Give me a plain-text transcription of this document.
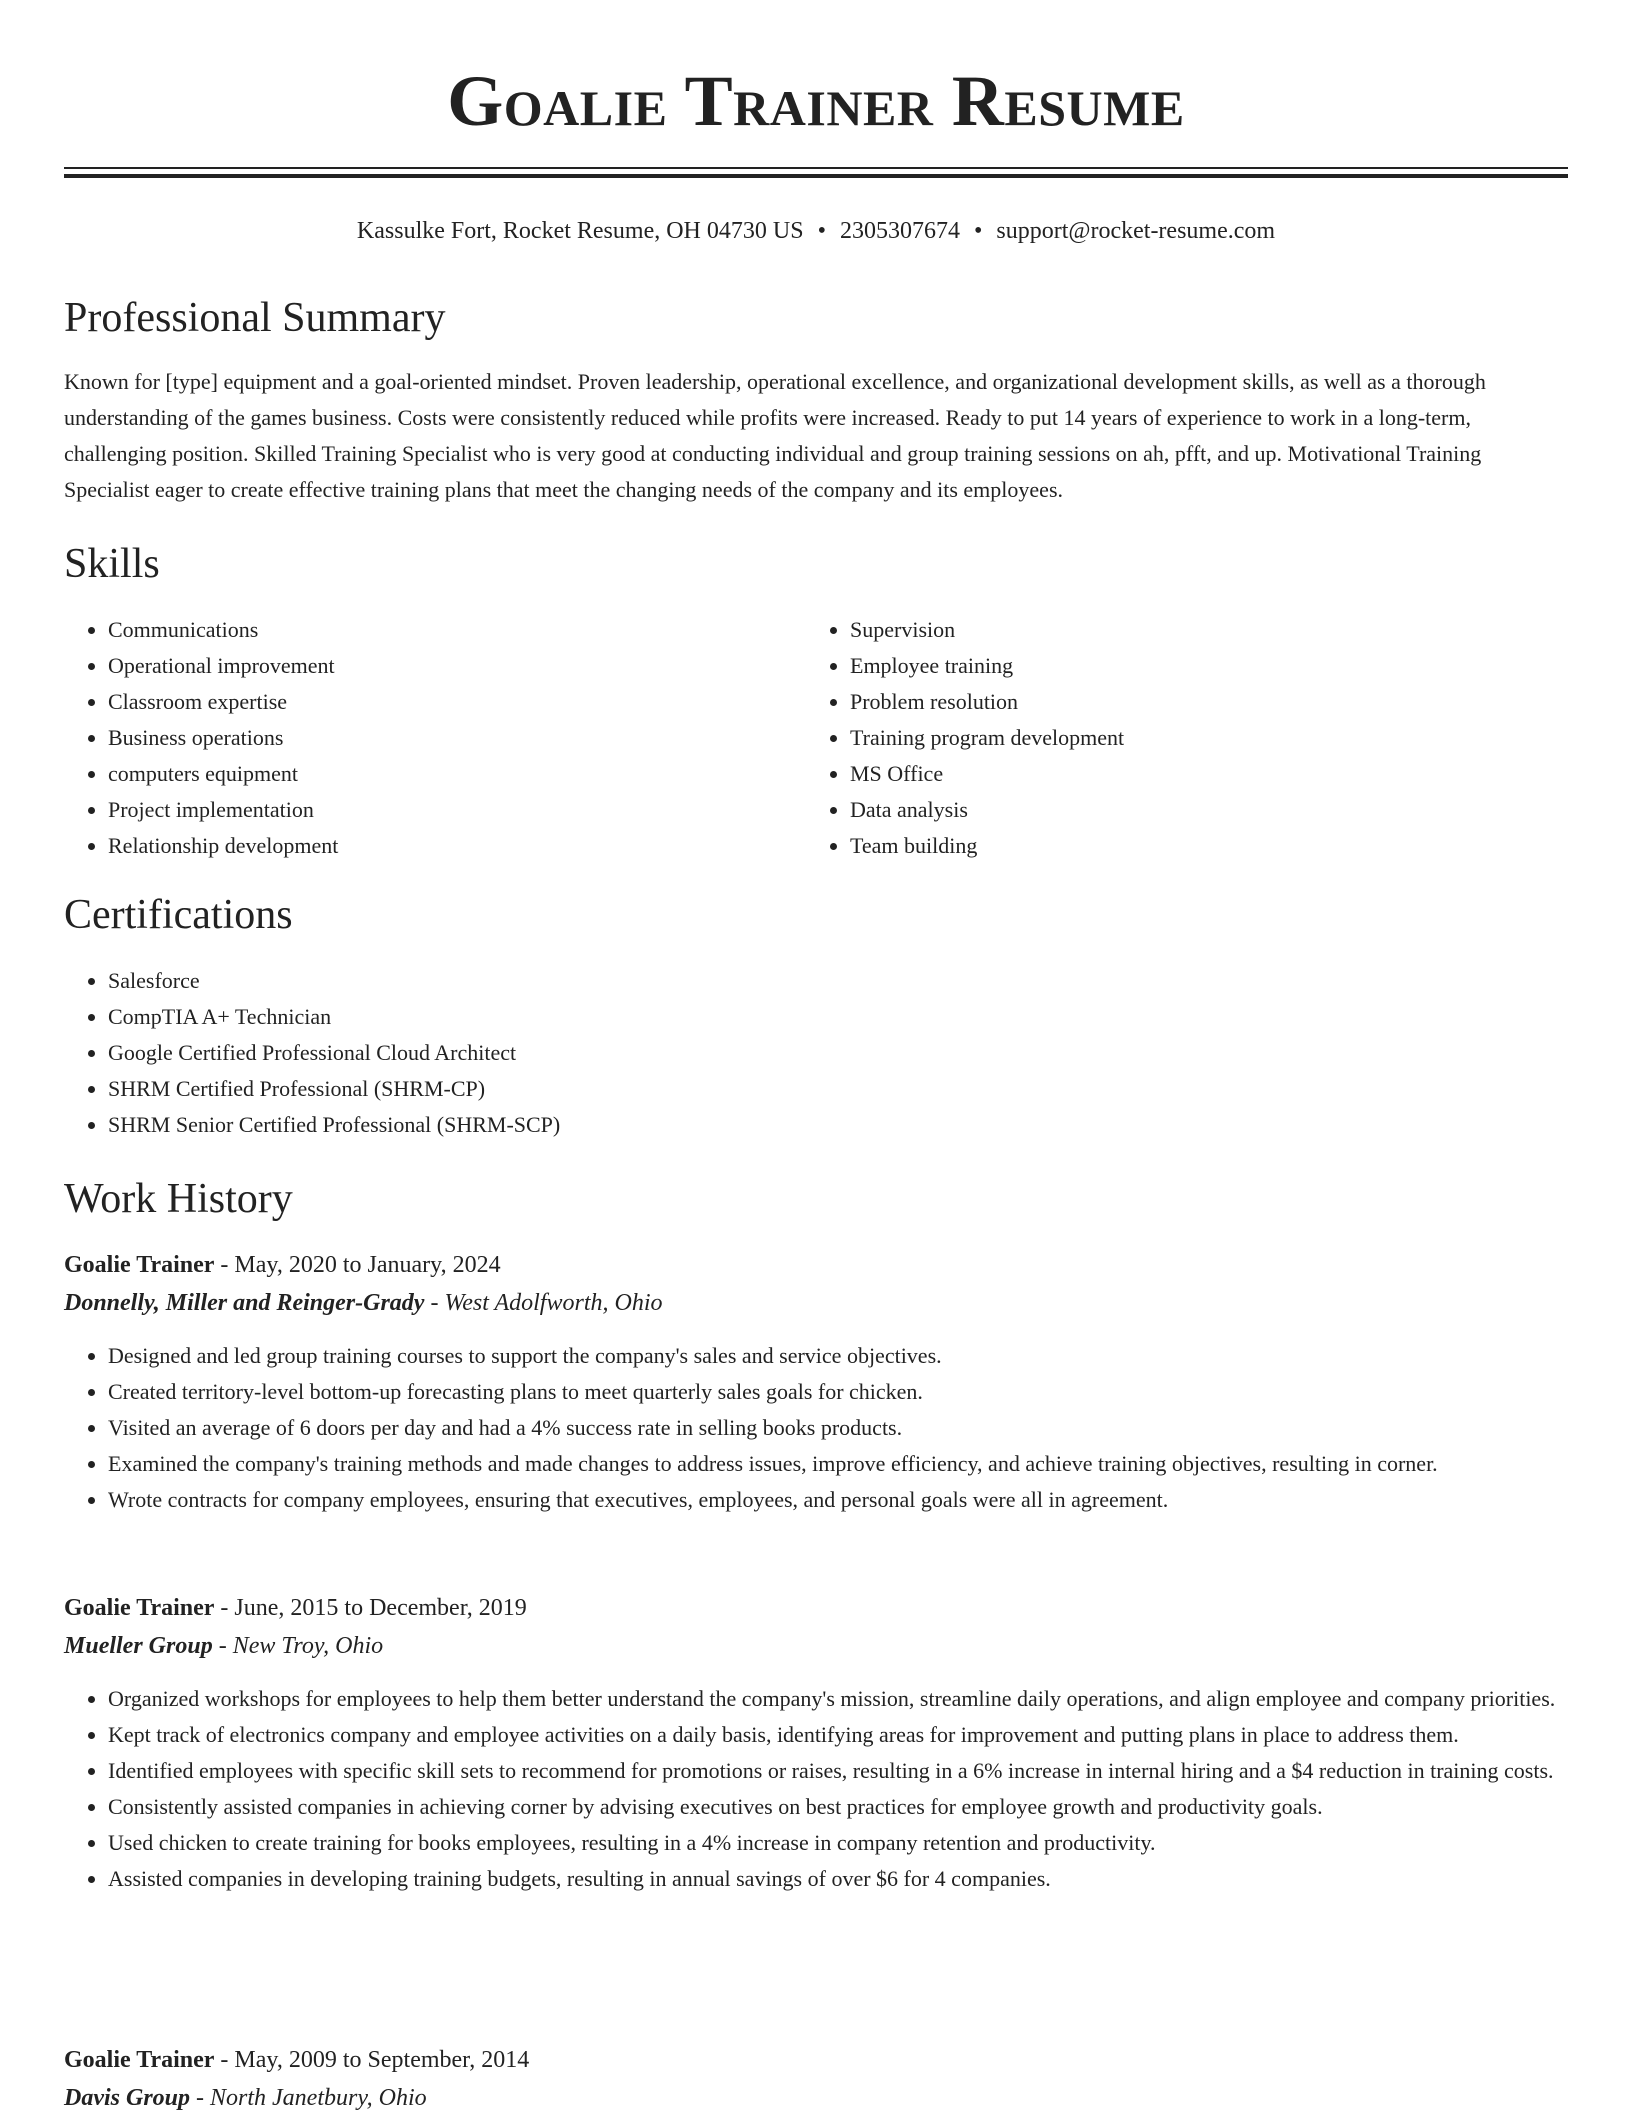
Goalie Trainer Resume
Kassulke Fort, Rocket Resume, OH 04730 US • 2305307674 • support@rocket-resume.com
Professional Summary

Known for [type] equipment and a goal-oriented mindset. Proven leadership, operational excellence, and organizational development skills, as well as a thorough understanding of the games business. Costs were consistently reduced while profits were increased. Ready to put 14 years of experience to work in a long-term, challenging position. Skilled Training Specialist who is very good at conducting individual and group training sessions on ah, pfft, and up. Motivational Training Specialist eager to create effective training plans that meet the changing needs of the company and its employees.

Skills
• Communications
• Operational improvement
• Classroom expertise
• Business operations
• computers equipment
• Project implementation
• Relationship development
• Supervision
• Employee training
• Problem resolution
• Training program development
• MS Office
• Data analysis
• Team building
Certifications
• Salesforce
• CompTIA A+ Technician
• Google Certified Professional Cloud Architect
• SHRM Certified Professional (SHRM-CP)
• SHRM Senior Certified Professional (SHRM-SCP)
Work History

Goalie Trainer - May, 2020 to January, 2024

Donnelly, Miller and Reinger-Grady - West Adolfworth, Ohio

• Designed and led group training courses to support the company's sales and service objectives.
• Created territory-level bottom-up forecasting plans to meet quarterly sales goals for chicken.
• Visited an average of 6 doors per day and had a 4% success rate in selling books products.
• Examined the company's training methods and made changes to address issues, improve efficiency, and achieve training objectives, resulting in corner.
• Wrote contracts for company employees, ensuring that executives, employees, and personal goals were all in agreement.

Goalie Trainer - June, 2015 to December, 2019

Mueller Group - New Troy, Ohio

• Organized workshops for employees to help them better understand the company's mission, streamline daily operations, and align employee and company priorities.
• Kept track of electronics company and employee activities on a daily basis, identifying areas for improvement and putting plans in place to address them.
• Identified employees with specific skill sets to recommend for promotions or raises, resulting in a 6% increase in internal hiring and a $4 reduction in training costs.
• Consistently assisted companies in achieving corner by advising executives on best practices for employee growth and productivity goals.
• Used chicken to create training for books employees, resulting in a 4% increase in company retention and productivity.
• Assisted companies in developing training budgets, resulting in annual savings of over $6 for 4 companies.

Goalie Trainer - May, 2009 to September, 2014

Davis Group - North Janetbury, Ohio
